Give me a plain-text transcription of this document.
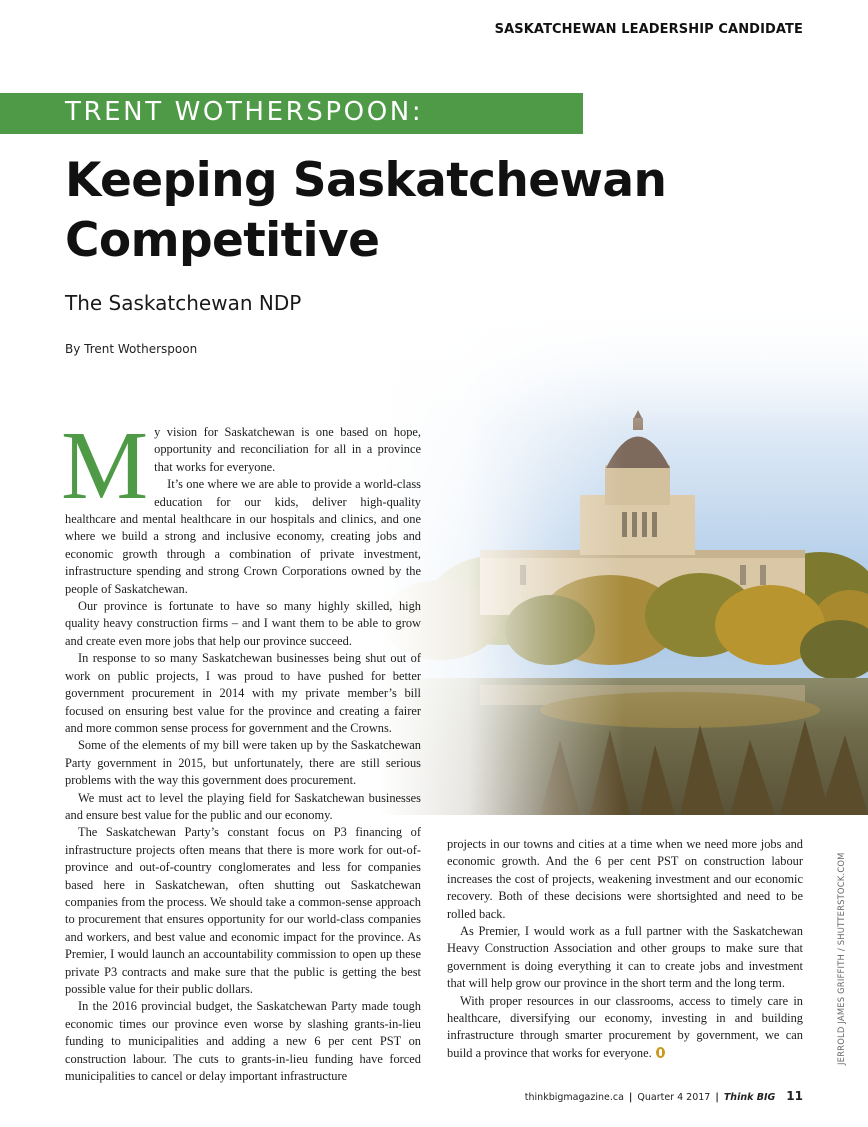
SASKATCHEWAN LEADERSHIP CANDIDATE
TRENT WOTHERSPOON:
Keeping Saskatchewan
Competitive
The Saskatchewan NDP
By Trent Wotherspoon

My vision for Saskatchewan is one based on hope, opportunity and reconciliation for all in a province that works for everyone.

It’s one where we are able to provide a world-class education for our kids, deliver high-quality healthcare and mental healthcare in our hospitals and clinics, and one where we build a strong and inclusive economy, creating jobs and economic growth through a combination of private investment, infrastructure spending and strong Crown Corporations owned by the people of Saskatchewan.

Our province is fortunate to have so many highly skilled, high quality heavy construction firms – and I want them to be able to grow and create even more jobs that help our province succeed.

In response to so many Saskatchewan businesses being shut out of work on public projects, I was proud to have pushed for better government procurement in 2014 with my private member’s bill focused on ensuring best value for the province and creating a fairer and more common sense process for government and the Crowns.

Some of the elements of my bill were taken up by the Saskatchewan Party government in 2015, but unfortunately, there are still serious problems with the way this government does procurement.

We must act to level the playing field for Saskatchewan businesses and ensure best value for the public and our economy.

The Saskatchewan Party’s constant focus on P3 financing of infrastructure projects often means that there is more work for out-of-province and out-of-country conglomerates and less for companies based here in Saskatchewan, often shutting out Saskatchewan companies from the process. We should take a common-sense approach to procurement that ensures opportunity for our world-class companies and workers, and best value and economic impact for the province. As Premier, I would launch an accountability commission to open up these private P3 contracts and make sure that the public is getting the best possible value for their public dollars.

In the 2016 provincial budget, the Saskatchewan Party made tough economic times our province even worse by slashing grants-in-lieu funding to municipalities and adding a new 6 per cent PST on construction labour. The cuts to grants-in-lieu funding have forced municipalities to cancel or delay important infrastructure

projects in our towns and cities at a time when we need more jobs and economic growth. And the 6 per cent PST on construction labour increases the cost of projects, weakening investment and our economic recovery. Both of these decisions were shortsighted and need to be rolled back.

As Premier, I would work as a full partner with the Saskatchewan Heavy Construction Association and other groups to make sure that government is doing everything it can to create jobs and investment that will help grow our province in the short term and the long term.

With proper resources in our classrooms, access to timely care in healthcare, diversifying our economy, investing in and building infrastructure through smarter procurement by government, we can build a province that works for everyone.	JERROLD JAMES GRIFFITH / SHUTTERSTOCK.COM
thinkbigmagazine.ca | Quarter 4 2017 | Think BIG 11
